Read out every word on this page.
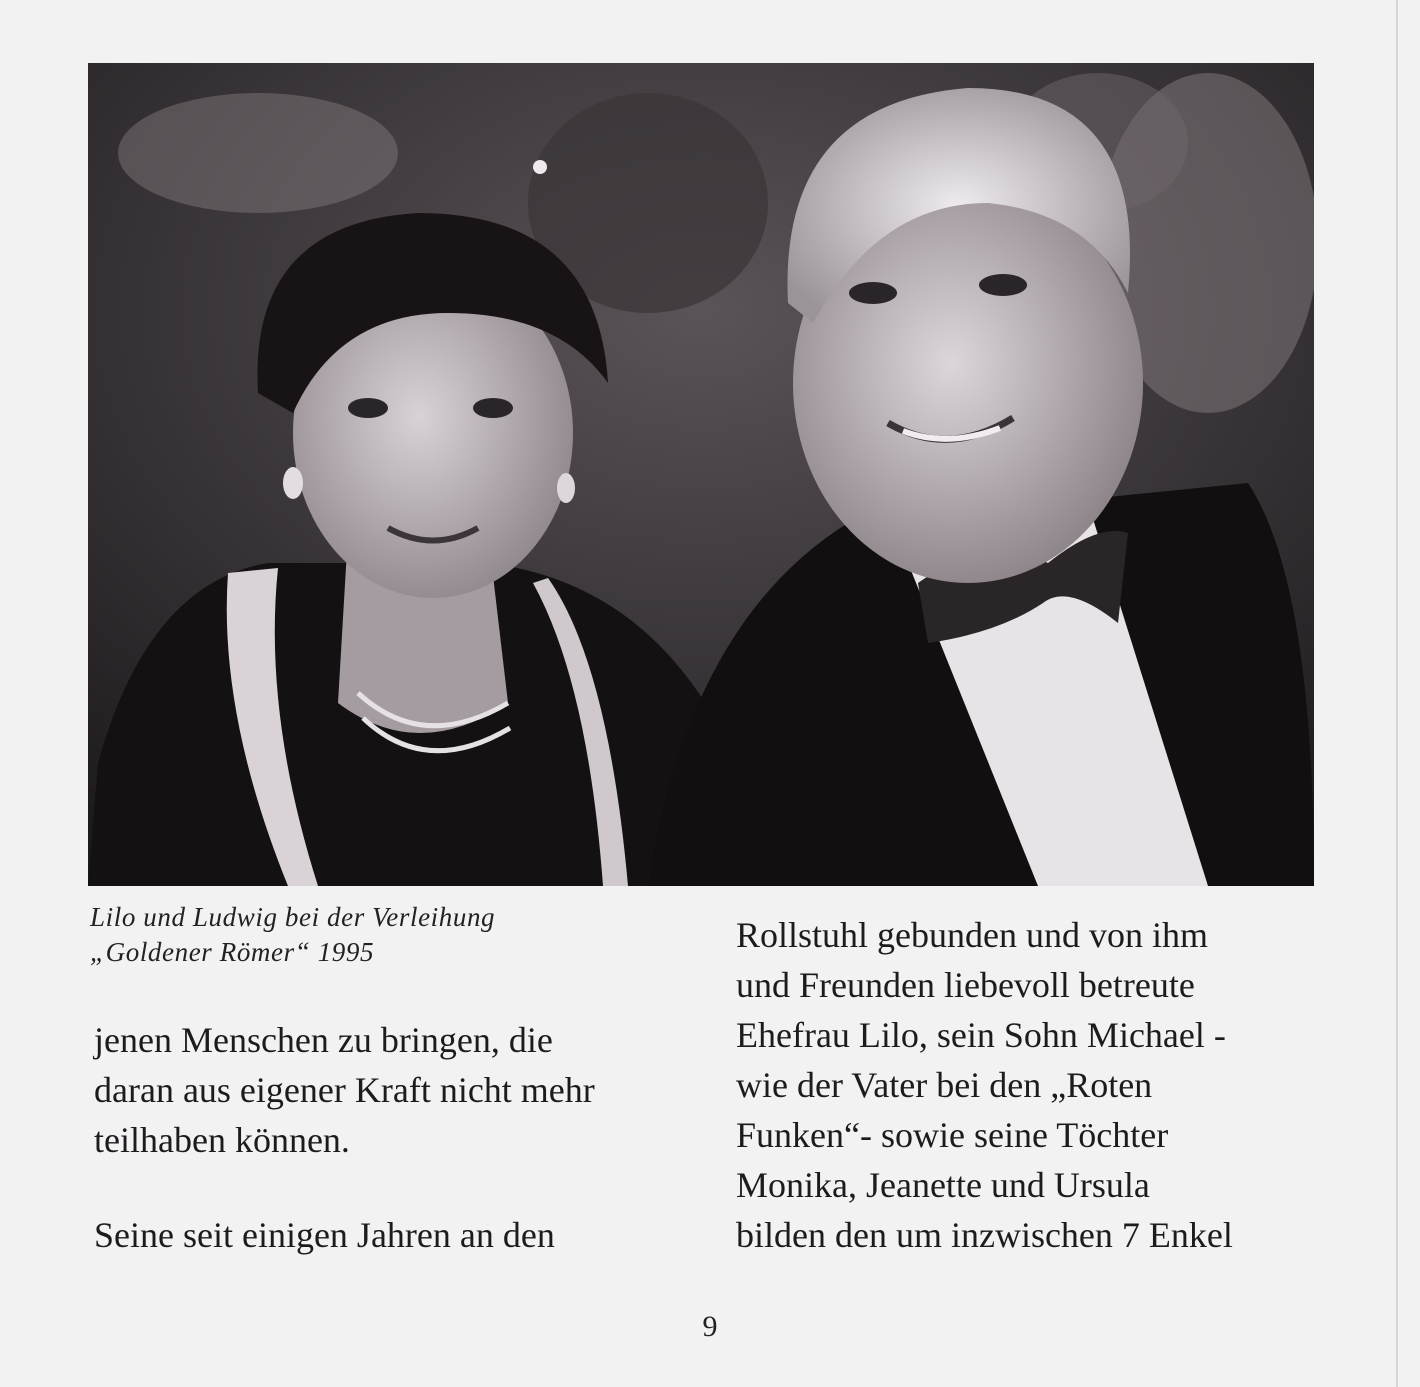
Lilo und Ludwig bei der Verleihung
„Goldener Römer“ 1995
jenen Menschen zu bringen, die
daran aus eigener Kraft nicht mehr
teilhaben können.
Seine seit einigen Jahren an den
Rollstuhl gebunden und von ihm
und Freunden liebevoll betreute
Ehefrau Lilo, sein Sohn Michael -
wie der Vater bei den „Roten
Funken“- sowie seine Töchter
Monika, Jeanette und Ursula
bilden den um inzwischen 7 Enkel
9
